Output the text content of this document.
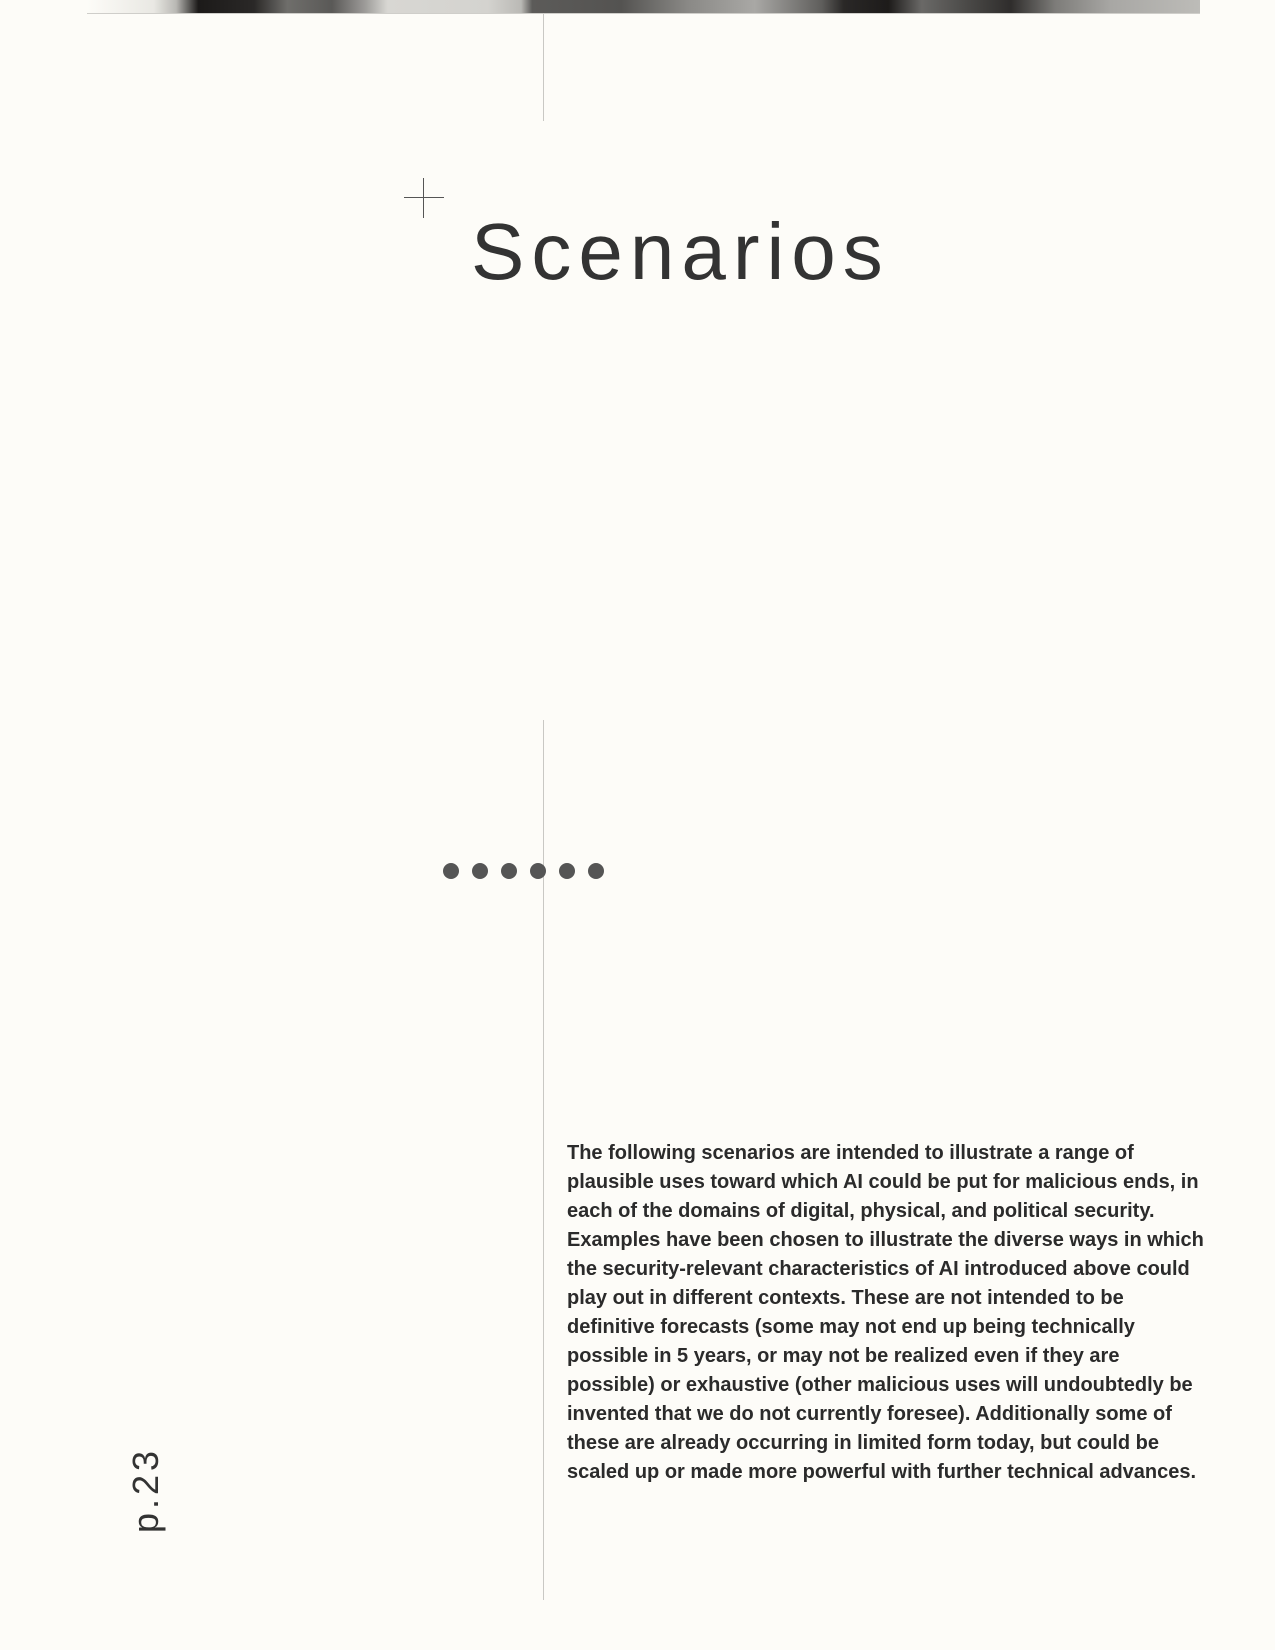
Scenarios

The following scenarios are intended to illustrate a range of plausible uses toward which AI could be put for malicious ends, in each of the domains of digital, physical, and political security. Examples have been chosen to illustrate the diverse ways in which the security-relevant characteristics of AI introduced above could play out in different contexts. These are not intended to be definitive forecasts (some may not end up being technically possible in 5 years, or may not be realized even if they are possible) or exhaustive (other malicious uses will undoubtedly be invented that we do not currently foresee). Additionally some of these are already occurring in limited form today, but could be scaled up or made more powerful with further technical advances.

p.23
